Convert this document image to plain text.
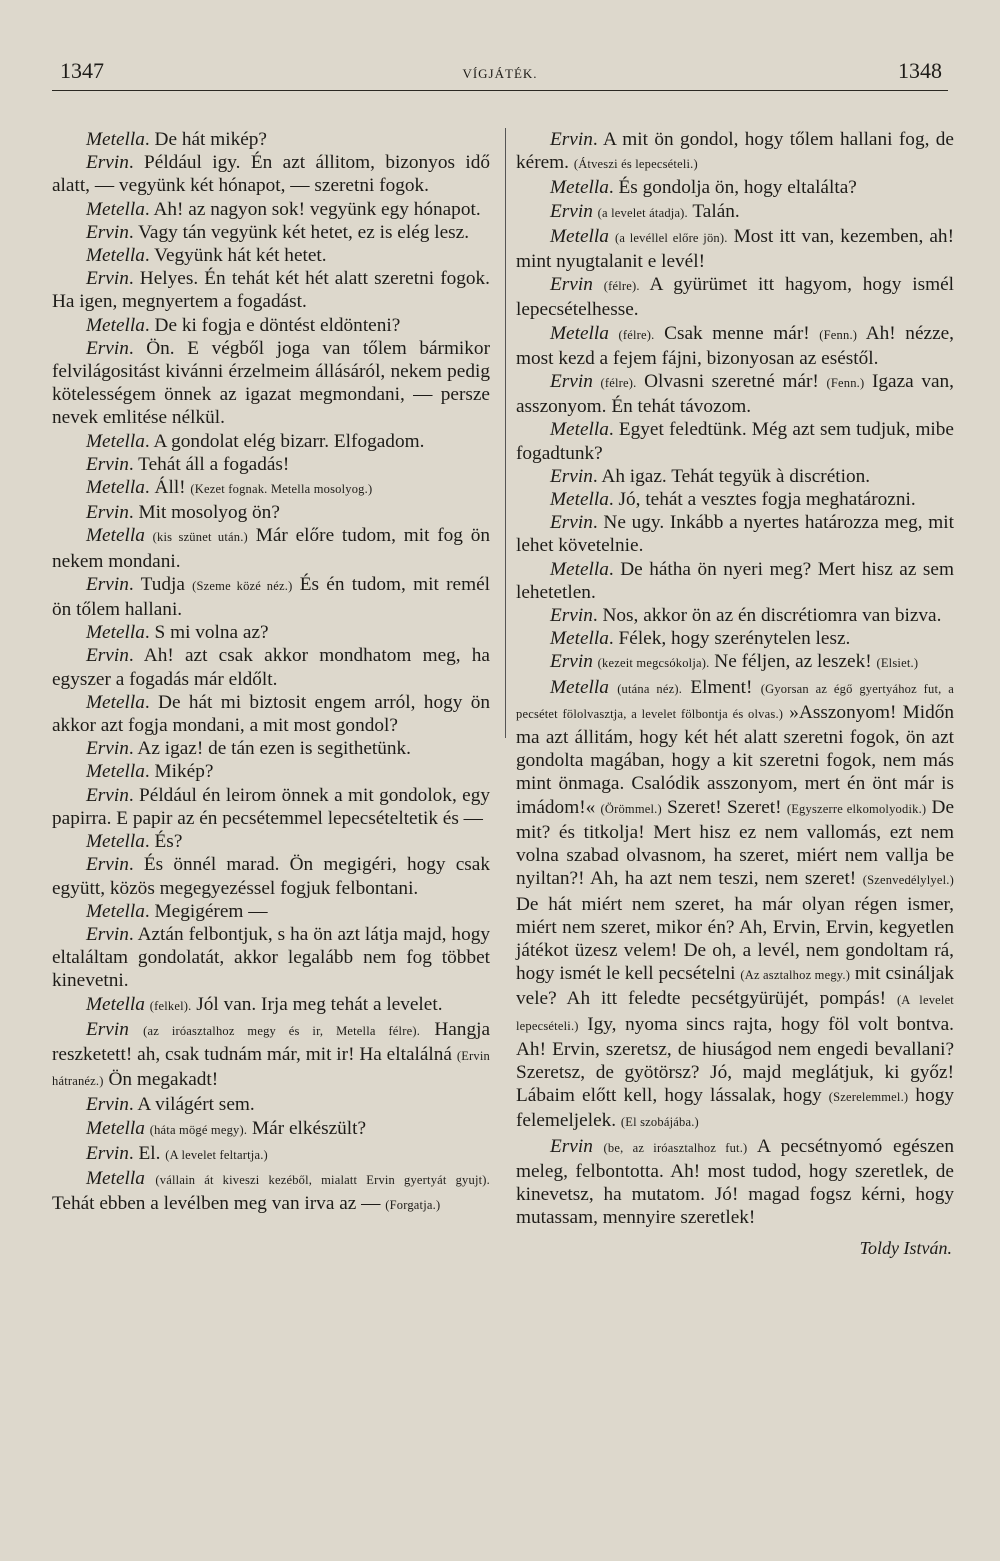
1347	VÍGJÁTÉK.	1348

Metella. De hát mikép?

Ervin. Például igy. Én azt állitom, bizonyos idő alatt, — vegyünk két hónapot, — szeretni fogok.

Metella. Ah! az nagyon sok! vegyünk egy hónapot.

Ervin. Vagy tán vegyünk két hetet, ez is elég lesz.

Metella. Vegyünk hát két hetet.

Ervin. Helyes. Én tehát két hét alatt szeretni fogok. Ha igen, megnyertem a fogadást.

Metella. De ki fogja e döntést eldönteni?

Ervin. Ön. E végből joga van tőlem bármikor felvilágositást kivánni érzelmeim állásáról, nekem pedig kötelességem önnek az igazat megmondani, — persze nevek emlitése nélkül.

Metella. A gondolat elég bizarr. Elfogadom.

Ervin. Tehát áll a fogadás!

Metella. Áll! (Kezet fognak. Metella mosolyog.)

Ervin. Mit mosolyog ön?

Metella (kis szünet után.) Már előre tudom, mit fog ön nekem mondani.

Ervin. Tudja (Szeme közé néz.) És én tudom, mit remél ön tőlem hallani.

Metella. S mi volna az?

Ervin. Ah! azt csak akkor mondhatom meg, ha egyszer a fogadás már eldőlt.

Metella. De hát mi biztosit engem arról, hogy ön akkor azt fogja mondani, a mit most gondol?

Ervin. Az igaz! de tán ezen is segithetünk.

Metella. Mikép?

Ervin. Például én leirom önnek a mit gondolok, egy papirra. E papir az én pecsétemmel lepecsételtetik és —

Metella. És?

Ervin. És önnél marad. Ön megigéri, hogy csak együtt, közös megegyezéssel fogjuk felbontani.

Metella. Megigérem —

Ervin. Aztán felbontjuk, s ha ön azt látja majd, hogy eltaláltam gondolatát, akkor legalább nem fog többet kinevetni.

Metella (felkel). Jól van. Irja meg tehát a levelet.

Ervin (az iróasztalhoz megy és ir, Metella félre). Hangja reszketett! ah, csak tudnám már, mit ir! Ha eltalálná (Ervin hátranéz.) Ön megakadt!

Ervin. A világért sem.

Metella (háta mögé megy). Már elkészült?

Ervin. El. (A levelet feltartja.)

Metella (vállain át kiveszi kezéből, mialatt Ervin gyertyát gyujt). Tehát ebben a levélben meg van irva az — (Forgatja.)

Ervin. A mit ön gondol, hogy tőlem hallani fog, de kérem. (Átveszi és lepecsételi.)

Metella. És gondolja ön, hogy eltalálta?

Ervin (a levelet átadja). Talán.

Metella (a levéllel előre jön). Most itt van, kezemben, ah! mint nyugtalanit e levél!

Ervin (félre). A gyürümet itt hagyom, hogy ismél lepecsételhesse.

Metella (félre). Csak menne már! (Fenn.) Ah! nézze, most kezd a fejem fájni, bizonyosan az eséstől.

Ervin (félre). Olvasni szeretné már! (Fenn.) Igaza van, asszonyom. Én tehát távozom.

Metella. Egyet feledtünk. Még azt sem tudjuk, mibe fogadtunk?

Ervin. Ah igaz. Tehát tegyük à discrétion.

Metella. Jó, tehát a vesztes fogja meghatározni.

Ervin. Ne ugy. Inkább a nyertes határozza meg, mit lehet követelnie.

Metella. De hátha ön nyeri meg? Mert hisz az sem lehetetlen.

Ervin. Nos, akkor ön az én discrétiomra van bizva.

Metella. Félek, hogy szerénytelen lesz.

Ervin (kezeit megcsókolja). Ne féljen, az leszek! (Elsiet.)

Metella (utána néz). Elment! (Gyorsan az égő gyertyához fut, a pecsétet fölolvasztja, a levelet fölbontja és olvas.) »Asszonyom! Midőn ma azt állitám, hogy két hét alatt szeretni fogok, ön azt gondolta magában, hogy a kit szeretni fogok, nem más mint önmaga. Csalódik asszonyom, mert én önt már is imádom!« (Örömmel.) Szeret! Szeret! (Egyszerre elkomolyodik.) De mit? és titkolja! Mert hisz ez nem vallomás, ezt nem volna szabad olvasnom, ha szeret, miért nem vallja be nyiltan?! Ah, ha azt nem teszi, nem szeret! (Szenvedélylyel.) De hát miért nem szeret, ha már olyan régen ismer, miért nem szeret, mikor én? Ah, Ervin, Ervin, kegyetlen játékot üzesz velem! De oh, a levél, nem gondoltam rá, hogy ismét le kell pecsételni (Az asztalhoz megy.) mit csináljak vele? Ah itt feledte pecsétgyürüjét, pompás! (A levelet lepecsételi.) Igy, nyoma sincs rajta, hogy föl volt bontva. Ah! Ervin, szeretsz, de hiuságod nem engedi bevallani? Szeretsz, de gyötörsz? Jó, majd meglátjuk, ki győz! Lábaim előtt kell, hogy lássalak, hogy (Szerelemmel.) hogy felemeljelek. (El szobájába.)

Ervin (be, az iróasztalhoz fut.) A pecsétnyomó egészen meleg, felbontotta. Ah! most tudod, hogy szeretlek, de kinevetsz, ha mutatom. Jó! magad fogsz kérni, hogy mutassam, mennyire szeretlek!

Toldy István.
